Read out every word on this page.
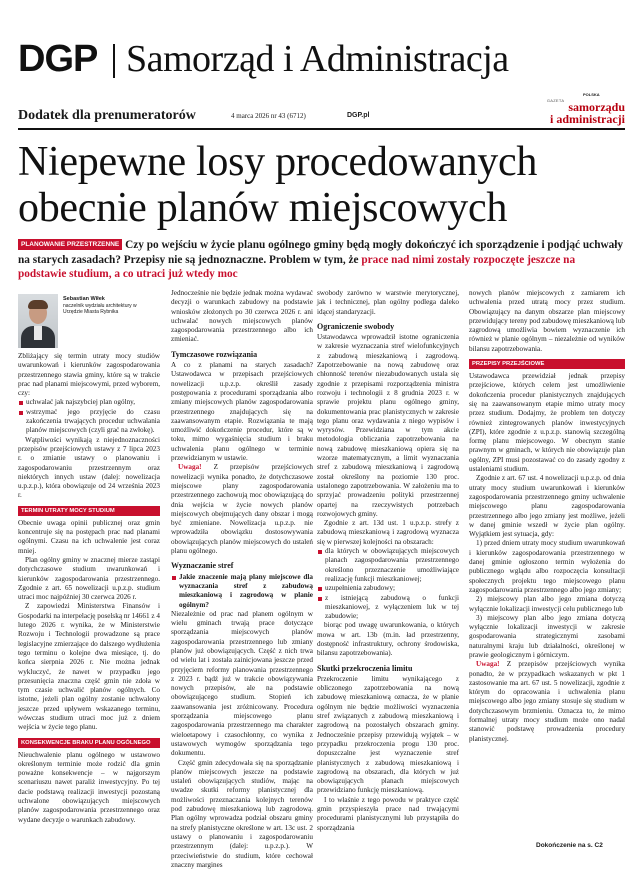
DGP Samorząd i Administracja
POLSKA
$^{GAZETA}$ samorządu
i administracji
Dodatek dla prenumeratorów	4 marca 2026 nr 43 (6712)	DGP.pl
Niepewne losy procedowanych obecnie planów miejscowych

PLANOWANIE PRZESTRZENNE Czy po wejściu w życie planu ogólnego gminy będą mogły dokończyć ich sporządzenie i podjąć uchwały na starych zasadach? Przepisy nie są jednoznaczne. Problem w tym, że prace nad nimi zostały rozpoczęte jeszcze na podstawie studium, a co utraci już wtedy moc

Sebastian Wiłek
naczelnik wydziału architektury w Urzędzie Miasta Rybnika

Zbliżający się termin utraty mocy studiów uwarunkowań i kierunków zagospodarowania przestrzennego stawia gminy, które są w trakcie prac nad planami miejscowymi, przed wyborem, czy:

uchwalać jak najszybciej plan ogólny,
wstrzymać jego przyjęcie do czasu zakończenia trwających procedur uchwalania planów miejscowych (czyli grać na zwłokę).

Wątpliwości wynikają z niejednoznaczności przepisów przejściowych ustawy z 7 lipca 2023 r. o zmianie ustawy o planowaniu i zagospodarowaniu przestrzennym oraz niektórych innych ustaw (dalej: nowelizacja u.p.z.p.), która obowiązuje od 24 września 2023 r.

TERMIN UTRATY MOCY STUDIUM

Obecnie uwaga opinii publicznej oraz gmin koncentruje się na postępach prac nad planami ogólnymi. Czasu na ich uchwalenie jest coraz mniej.

Plan ogólny gminy w znacznej mierze zastąpi dotychczasowe studium uwarunkowań i kierunków zagospodarowania przestrzennego. Zgodnie z art. 65 nowelizacji u.p.z.p. studium utraci moc najpóźniej 30 czerwca 2026 r.

Z zapowiedzi Ministerstwa Finansów i Gospodarki na interpelację poselską nr 14661 z 4 lutego 2026 r. wynika, że w Ministerstwie Rozwoju i Technologii prowadzone są prace legislacyjne zmierzające do dalszego wydłużenia tego terminu o kolejne dwa miesiące, tj. do końca sierpnia 2026 r. Nie można jednak wykluczyć, że nawet w przypadku jego przesunięcia znaczna część gmin nie zdoła w tym czasie uchwalić planów ogólnych. Co istotne, jeżeli plan ogólny zostanie uchwalony jeszcze przed upływem wskazanego terminu, wówczas studium utraci moc już z dniem wejścia w życie tego planu.

KONSEKWENCJE BRAKU PLANU OGÓLNEGO

Nieuchwalenie planu ogólnego w ustawowo określonym terminie może rodzić dla gmin poważne konsekwencje – w najgorszym scenariuszu nawet paraliż inwestycyjny. Po tej dacie podstawą realizacji inwestycji pozostaną uchwalone obowiązujących miejscowych planów zagospodarowania przestrzennego oraz wydane decyzje o warunkach zabudowy.

Jednocześnie nie będzie jednak można wydawać decyzji o warunkach zabudowy na podstawie wniosków złożonych po 30 czerwca 2026 r. ani uchwalać nowych miejscowych planów zagospodarowania przestrzennego albo ich zmieniać.

Tymczasowe rozwiązania

A co z planami na starych zasadach? Ustawodawca w przepisach przejściowych nowelizacji u.p.z.p. określił zasady postępowania z procedurami sporządzania albo zmiany miejscowych planów zagospodarowania przestrzennego znajdujących się na zaawansowanym etapie. Rozwiązania te mają umożliwić dokończenie procedur, które są w toku, mimo wygaśnięcia studium i braku uchwalenia planu ogólnego w terminie przewidzianym w ustawie.

Uwaga! Z przepisów przejściowych nowelizacji wynika ponadto, że dotychczasowe miejscowe plany zagospodarowania przestrzennego zachowują moc obowiązującą do dnia wejścia w życie nowych planów miejscowych obejmujących dany obszar i mogą być zmieniane. Nowelizacja u.p.z.p. nie wprowadziła obowiązku dostosowywania obowiązujących planów miejscowych do ustaleń planu ogólnego.

Wyznaczanie stref
Jakie znaczenie mają plany miejscowe dla wyznaczania stref z zabudową mieszkaniową i zagrodową w planie ogólnym?

Niezależnie od prac nad planem ogólnym w wielu gminach trwają prace dotyczące sporządzania miejscowych planów zagospodarowania przestrzennego lub zmiany planów już obowiązujących. Część z nich trwa od wielu lat i została zainicjowana jeszcze przed przyjęciem reformy planowania przestrzennego z 2023 r. bądź już w trakcie obowiązywania nowych przepisów, ale na podstawie obowiązującego studium. Stopień ich zaawansowania jest zróżnicowany. Procedura sporządzania miejscowego planu zagospodarowania przestrzennego ma charakter wieloetapowy i czasochłonny, co wynika z ustawowych wymogów sporządzania tego dokumentu.

Część gmin zdecydowała się na sporządzanie planów miejscowych jeszcze na podstawie ustaleń obowiązujących studiów, mając na uwadze skutki reformy planistycznej dla możliwości przeznaczania kolejnych terenów pod zabudowę mieszkaniową lub zagrodową. Plan ogólny wprowadza podział obszaru gminy na strefy planistyczne określone w art. 13c ust. 2 ustawy o planowaniu i zagospodarowaniu przestrzennym (dalej: u.p.z.p.). W przeciwieństwie do studium, które cechował znaczny margines

swobody zarówno w warstwie merytorycznej, jak i technicznej, plan ogólny podlega daleko idącej standaryzacji.

Ograniczenie swobody

Ustawodawca wprowadził istotne ograniczenia w zakresie wyznaczania stref wielofunkcyjnych z zabudową mieszkaniową i zagrodową. Zapotrzebowanie na nową zabudowę oraz chłonność terenów niezabudowanych ustala się zgodnie z przepisami rozporządzenia ministra rozwoju i technologii z 8 grudnia 2023 r. w sprawie projektu planu ogólnego gminy, dokumentowania prac planistycznych w zakresie tego planu oraz wydawania z niego wypisów i wyrysów. Przewidziana w tym akcie metodologia obliczania zapotrzebowania na nową zabudowę mieszkaniową opiera się na wzorze matematycznym, a limit wyznaczania stref z zabudową mieszkaniową i zagrodową został określony na poziomie 130 proc. ustalonego zapotrzebowania. W założeniu ma to sprzyjać prowadzeniu polityki przestrzennej opartej na rzeczywistych potrzebach rozwojowych gminy.

Zgodnie z art. 13d ust. 1 u.p.z.p. strefy z zabudową mieszkaniową i zagrodową wyznacza się w pierwszej kolejności na obszarach:

dla których w obowiązujących miejscowych planach zagospodarowania przestrzennego określono przeznaczenie umożliwiające realizację funkcji mieszkaniowej;
uzupełnienia zabudowy;
z istniejącą zabudową o funkcji mieszkaniowej, z wyłączeniem luk w tej zabudowie;

biorąc pod uwagę uwarunkowania, o których mowa w art. 13b (m.in. ład przestrzenny, dostępność infrastruktury, ochrony środowiska, bilansu zapotrzebowania).

Skutki przekroczenia limitu

Przekroczenie limitu wynikającego z obliczonego zapotrzebowania na nową zabudowę mieszkaniową oznacza, że w planie ogólnym nie będzie możliwości wyznaczenia stref związanych z zabudową mieszkaniową i zagrodową na pozostałych obszarach gminy. Jednocześnie przepisy przewidują wyjątek – w przypadku przekroczenia progu 130 proc. dopuszczalne jest wyznaczenie stref planistycznych z zabudową mieszkaniową i zagrodową na obszarach, dla których w już obowiązujących planach miejscowych przewidziano funkcję mieszkaniową.

I to właśnie z tego powodu w praktyce część gmin przyspieszyła prace nad trwającymi procedurami planistycznymi lub przystąpiła do sporządzania

nowych planów miejscowych z zamiarem ich uchwalenia przed utratą mocy przez studium. Obowiązujący na danym obszarze plan miejscowy przewidujący tereny pod zabudowę mieszkaniową lub zagrodową umożliwia bowiem wyznaczenie ich również w planie ogólnym – niezależnie od wyników bilansu zapotrzebowania.

PRZEPISY PRZEJŚCIOWE

Ustawodawca przewidział jednak przepisy przejściowe, których celem jest umożliwienie dokończenia procedur planistycznych znajdujących się na zaawansowanym etapie mimo utraty mocy przez studium. Dodajmy, że problem ten dotyczy również zintegrowanych planów inwestycyjnych (ZPI), które zgodnie z u.p.z.p. stanowią szczególną formę planu miejscowego. W obecnym stanie prawnym w gminach, w których nie obowiązuje plan ogólny, ZPI musi pozostawać co do zasady zgodny z ustaleniami studium.

Zgodnie z art. 67 ust. 4 nowelizacji u.p.z.p. od dnia utraty mocy studium uwarunkowań i kierunków zagospodarowania przestrzennego gminy uchwalenie miejscowego planu zagospodarowania przestrzennego albo jego zmiany jest możliwe, jeżeli w danej gminie wszedł w życie plan ogólny. Wyjątkiem jest sytuacja, gdy:

1) przed dniem utraty mocy studium uwarunkowań i kierunków zagospodarowania przestrzennego w danej gminie ogłoszono termin wyłożenia do publicznego wglądu albo rozpoczęcia konsultacji społecznych projektu tego miejscowego planu zagospodarowania przestrzennego albo jego zmiany;

2) miejscowy plan albo jego zmiana dotyczą wyłącznie lokalizacji inwestycji celu publicznego lub

3) miejscowy plan albo jego zmiana dotyczą wyłącznie lokalizacji inwestycji w zakresie gospodarowania strategicznymi zasobami naturalnymi kraju lub działalności, określonej w prawie geologicznym i górniczym.

Uwaga! Z przepisów przejściowych wynika ponadto, że w przypadkach wskazanych w pkt 1 zastosowanie ma art. 67 ust. 5 nowelizacji, zgodnie z którym do opracowania i uchwalenia planu miejscowego albo jego zmiany stosuje się studium w dotychczasowym brzmieniu. Oznacza to, że mimo formalnej utraty mocy studium może ono nadal stanowić podstawę prowadzenia procedury planistycznej.

Dokończenie na s. C2
